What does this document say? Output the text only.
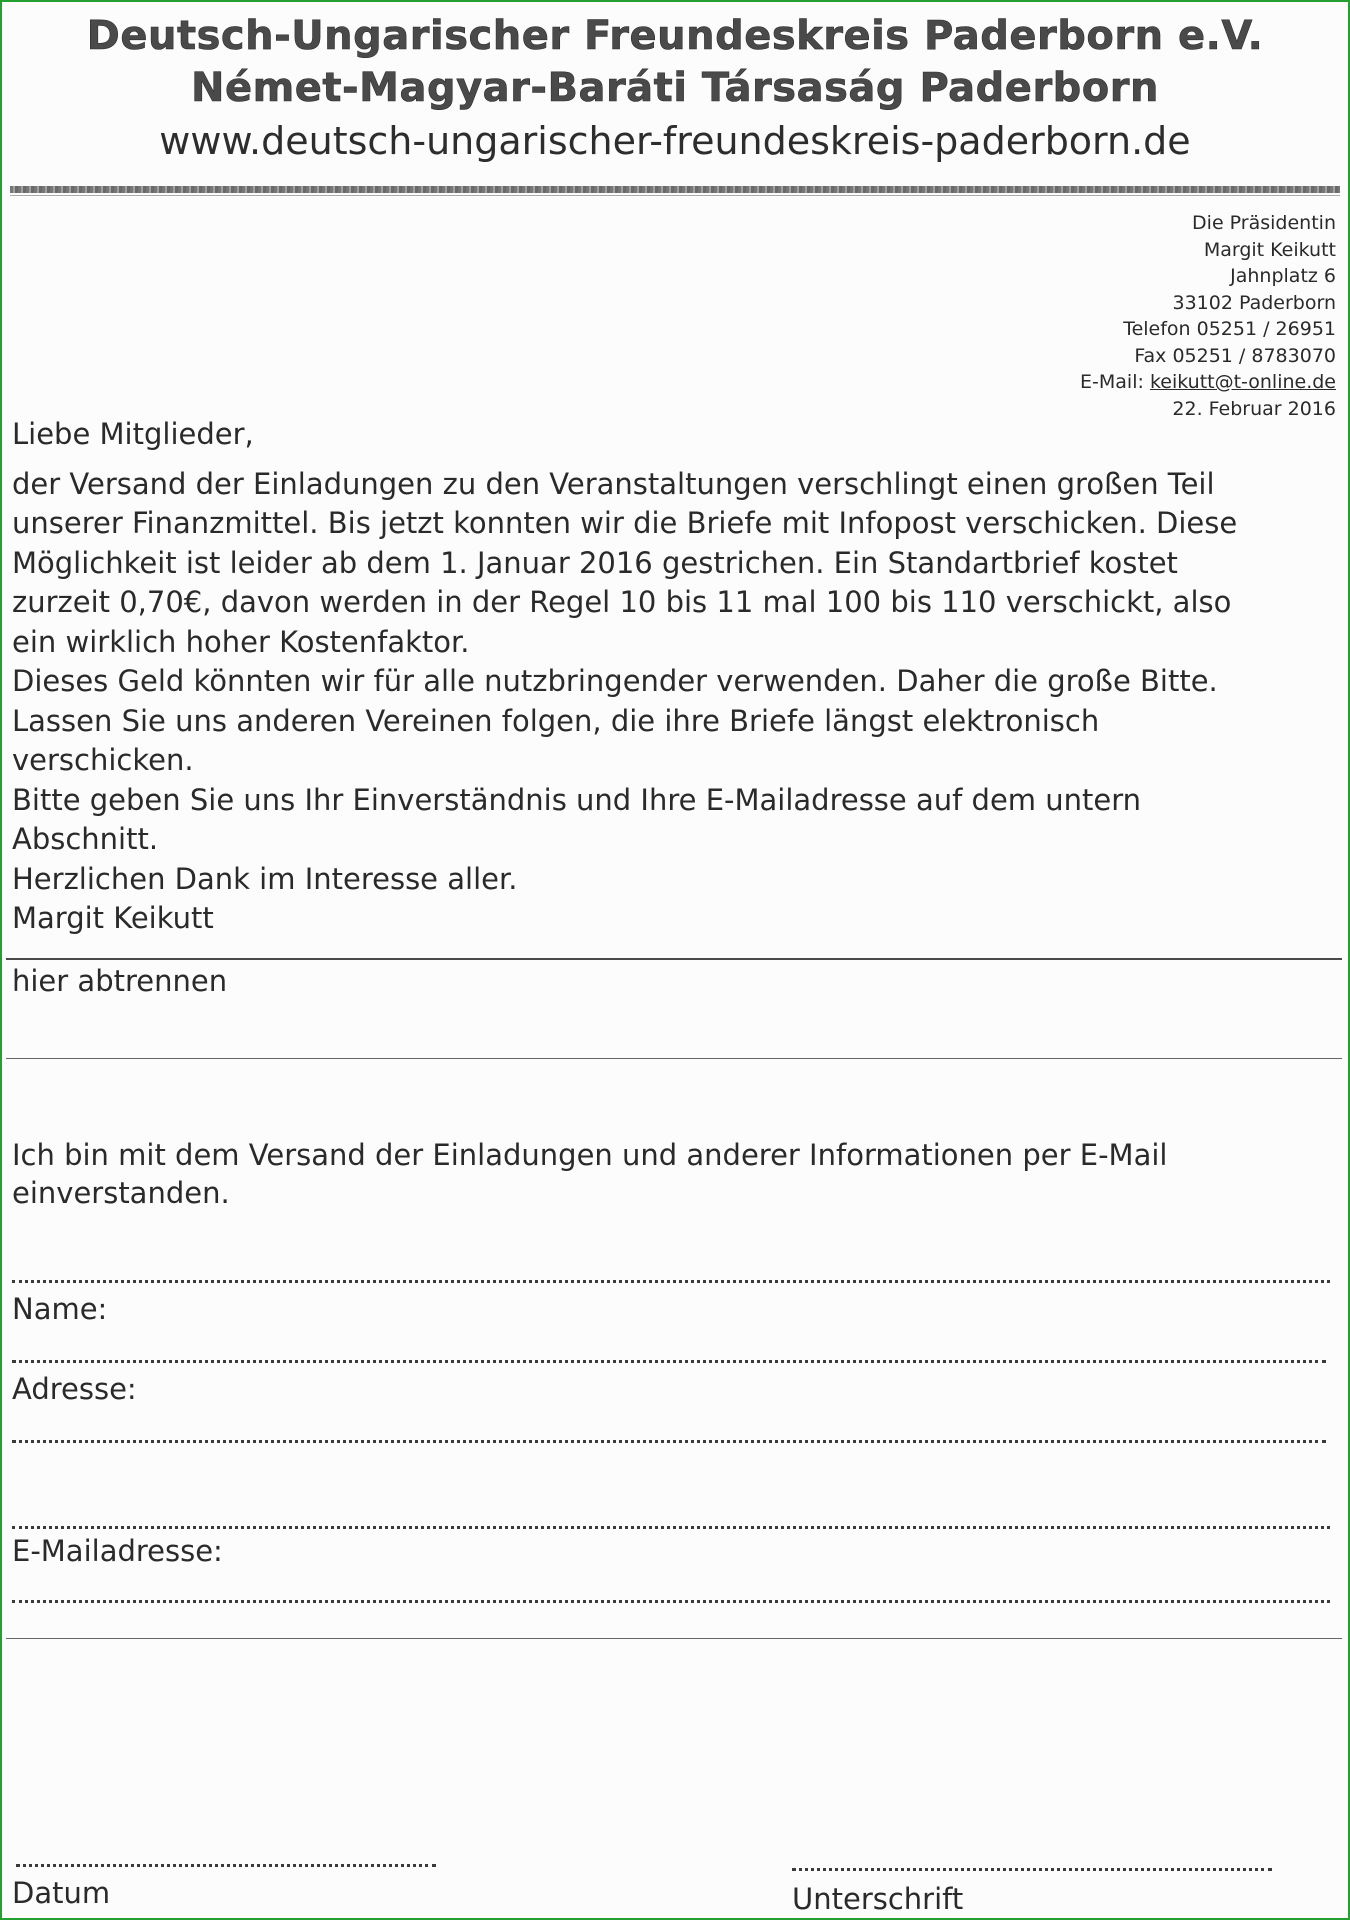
Deutsch-Ungarischer Freundeskreis Paderborn e.V.
Német-Magyar-Baráti Társaság Paderborn
www.deutsch-ungarischer-freundeskreis-paderborn.de
Die Präsidentin
Margit Keikutt
Jahnplatz 6
33102 Paderborn
Telefon 05251 / 26951
Fax 05251 / 8783070
E-Mail: keikutt@t-online.de
22. Februar 2016
Liebe Mitglieder,
der Versand der Einladungen zu den Veranstaltungen verschlingt einen großen Teil
unserer Finanzmittel. Bis jetzt konnten wir die Briefe mit Infopost verschicken. Diese
Möglichkeit ist leider ab dem 1. Januar 2016 gestrichen. Ein Standartbrief kostet
zurzeit 0,70€, davon werden in der Regel 10 bis 11 mal 100 bis 110 verschickt, also
ein wirklich hoher Kostenfaktor.
Dieses Geld könnten wir für alle nutzbringender verwenden. Daher die große Bitte.
Lassen Sie uns anderen Vereinen folgen, die ihre Briefe längst elektronisch
verschicken.
Bitte geben Sie uns Ihr Einverständnis und Ihre E-Mailadresse auf dem untern
Abschnitt.
Herzlichen Dank im Interesse aller.
Margit Keikutt
hier abtrennen
Ich bin mit dem Versand der Einladungen und anderer Informationen per E-Mail
einverstanden.
Name:
Adresse:
E-Mailadresse:
Datum	Unterschrift
